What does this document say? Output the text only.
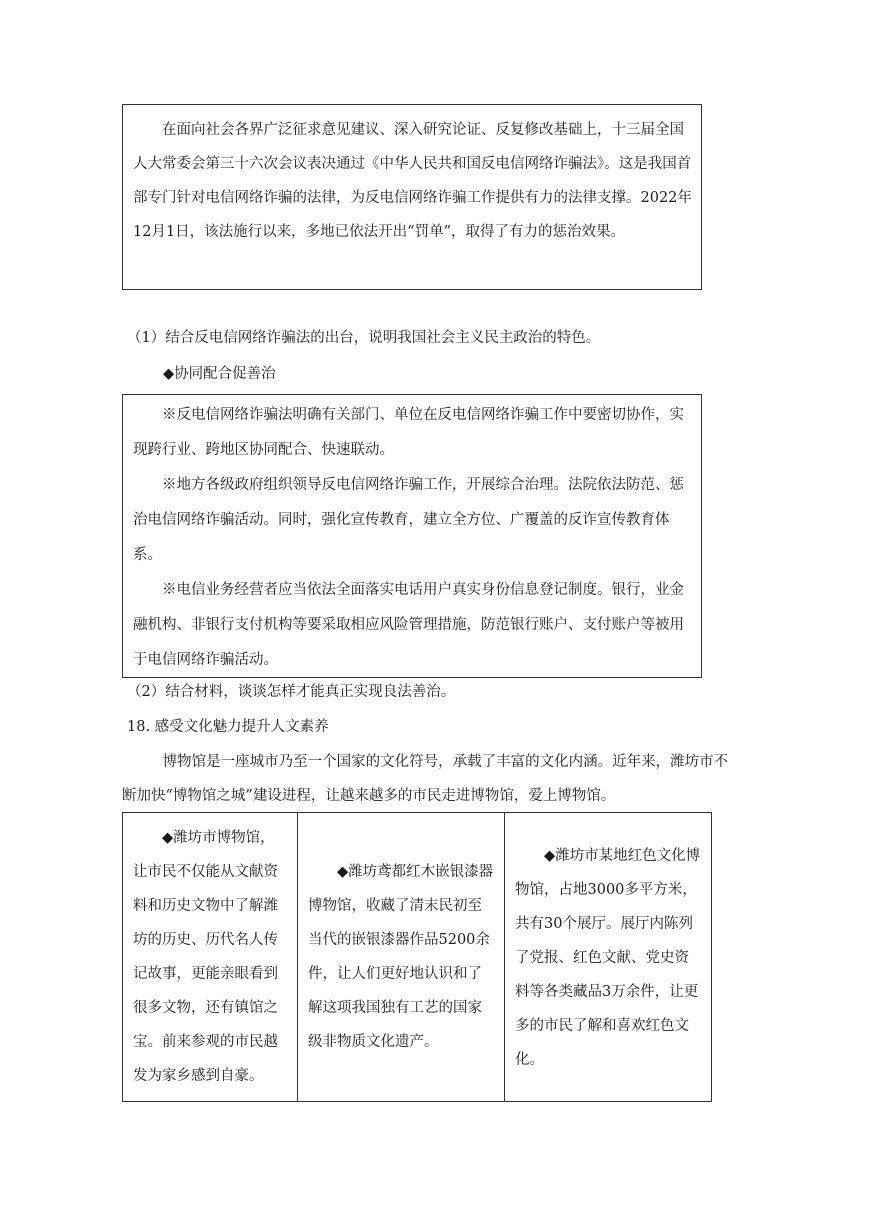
在面向社会各界广泛征求意见建议、深入研究论证、反复修改基础上，十三届全国人大常委会第三十六次会议表决通过《中华人民共和国反电信网络诈骗法》。这是我国首部专门针对电信网络诈骗的法律，为反电信网络诈骗工作提供有力的法律支撑。2022年12月1日，该法施行以来，多地已依法开出“罚单”，取得了有力的惩治效果。

（1）结合反电信网络诈骗法的出台，说明我国社会主义民主政治的特色。

◆协同配合促善治

※反电信网络诈骗法明确有关部门、单位在反电信网络诈骗工作中要密切协作，实现跨行业、跨地区协同配合、快速联动。

※地方各级政府组织领导反电信网络诈骗工作，开展综合治理。法院依法防范、惩治电信网络诈骗活动。同时，强化宣传教育，建立全方位、广覆盖的反诈宣传教育体系。

※电信业务经营者应当依法全面落实电话用户真实身份信息登记制度。银行，业金融机构、非银行支付机构等要采取相应风险管理措施，防范银行账户、支付账户等被用于电信网络诈骗活动。

（2）结合材料，谈谈怎样才能真正实现良法善治。

18. 感受文化魅力提升人文素养

博物馆是一座城市乃至一个国家的文化符号，承载了丰富的文化内涵。近年来，潍坊市不断加快“博物馆之城”建设进程，让越来越多的市民走进博物馆，爱上博物馆。

◆潍坊市博物馆，让市民不仅能从文献资料和历史文物中了解潍坊的历史、历代名人传记故事，更能亲眼看到很多文物，还有镇馆之宝。前来参观的市民越发为家乡感到自豪。	◆潍坊鸢都红木嵌银漆器博物馆，收藏了清末民初至当代的嵌银漆器作品5200余件，让人们更好地认识和了解这项我国独有工艺的国家级非物质文化遗产。	◆潍坊市某地红色文化博物馆，占地3000多平方米，共有30个展厅。展厅内陈列了党报、红色文献、党史资料等各类藏品3万余件，让更多的市民了解和喜欢红色文化。
